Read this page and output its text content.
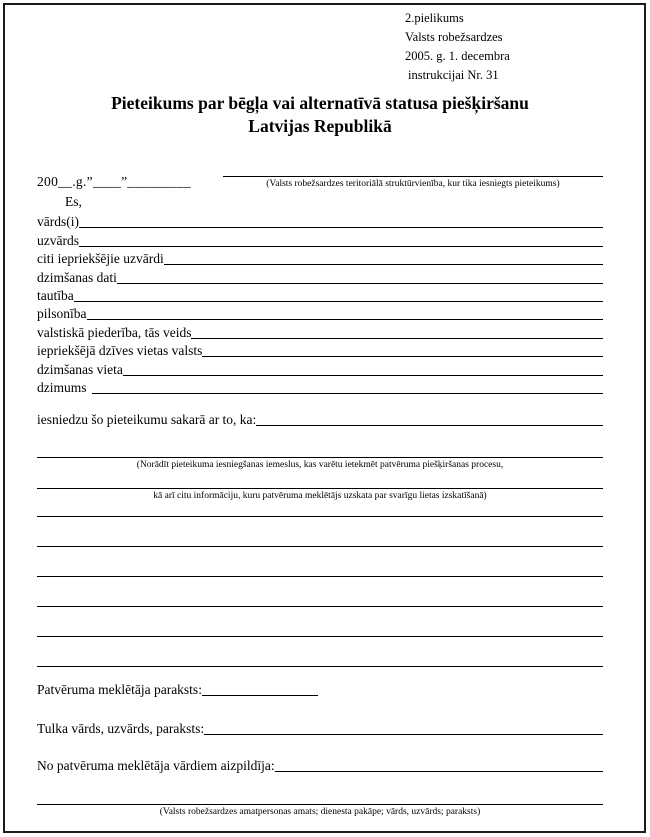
2.pielikums
Valsts robežsardzes
2005. g. 1. decembra
instrukcijai Nr. 31
Pieteikums par bēgļa vai alternatīvā statusa piešķiršanu
Latvijas Republikā
200__.g.”____”_________	(Valsts robežsardzes teritoriālā struktūrvienība, kur tika iesniegts pieteikums)
Es,
vārds(i)
uzvārds
citi iepriekšējie uzvārdi
dzimšanas dati
tautība
pilsonība
valstiskā piederība, tās veids
iepriekšējā dzīves vietas valsts
dzimšanas vieta
dzimums
iesniedzu šo pieteikumu sakarā ar to, ka:
(Norādīt pieteikuma iesniegšanas iemeslus, kas varētu ietekmēt patvēruma piešķiršanas procesu,
kā arī citu informāciju, kuru patvēruma meklētājs uzskata par svarīgu lietas izskatīšanā)
Patvēruma meklētāja paraksts:
Tulka vārds, uzvārds, paraksts:
No patvēruma meklētāja vārdiem aizpildīja:
(Valsts robežsardzes amatpersonas amats; dienesta pakāpe; vārds, uzvārds; paraksts)
